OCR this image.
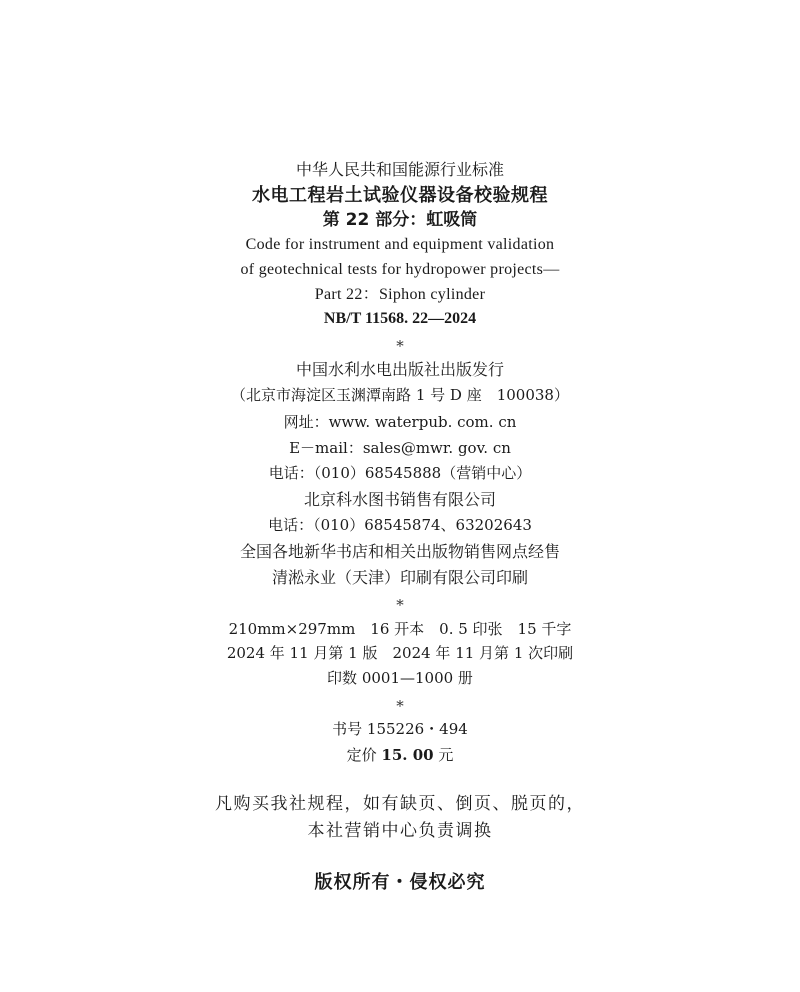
中华人民共和国能源行业标准
水电工程岩土试验仪器设备校验规程
第 22 部分：虹吸筒
Code for instrument and equipment validation
of geotechnical tests for hydropower projects—
Part 22：Siphon cylinder
NB/T 11568. 22—2024
*
中国水利水电出版社出版发行
（北京市海淀区玉渊潭南路 1 号 D 座　100038）
网址：www. waterpub. com. cn
E－mail：sales@mwr. gov. cn
电话：（010）68545888（营销中心）
北京科水图书销售有限公司
电话：（010）68545874、63202643
全国各地新华书店和相关出版物销售网点经售
清淞永业（天津）印刷有限公司印刷
*
210mm×297mm　16 开本　0. 5 印张　15 千字
2024 年 11 月第 1 版　2024 年 11 月第 1 次印刷
印数 0001—1000 册
*
书号 155226・494
定价 15. 00 元
凡购买我社规程，如有缺页、倒页、脱页的，
本社营销中心负责调换
版权所有・侵权必究
